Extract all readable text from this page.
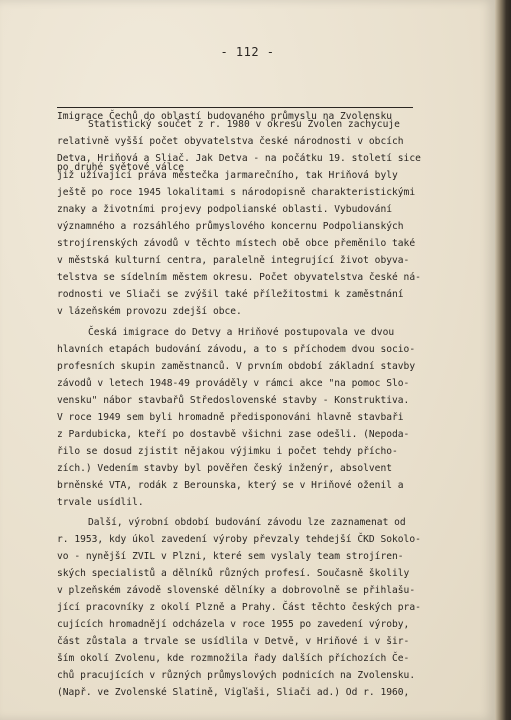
- 112 -

Imigrace Čechů do oblastí budovaného průmyslu na Zvolensku

po druhé světové válce

Statistický součet z r. 1980 v okresu Zvolen zachycuje
relativně vyšší počet obyvatelstva české národnosti v obcích
Detva, Hriňová a Sliač. Jak Detva - na počátku 19. století sice
již užívající práva městečka jarmarečního, tak Hriňová byly
ještě po roce 1945 lokalitami s národopisně charakteristickými
znaky a životními projevy podpolianské oblasti. Vybudování
významného a rozsáhlého průmyslového koncernu Podpolianských
strojírenských závodů v těchto místech obě obce přeměnilo také
v městská kulturní centra, paralelně integrující život obyva-
telstva se sídelním městem okresu. Počet obyvatelstva české ná-
rodnosti ve Sliači se zvýšil také příležitostmi k zaměstnání
v lázeňském provozu zdejší obce.
Česká imigrace do Detvy a Hriňové postupovala ve dvou
hlavních etapách budování závodu, a to s příchodem dvou socio-
profesních skupin zaměstnanců. V prvním období základní stavby
závodů v letech 1948-49 prováděly v rámci akce "na pomoc Slo-
vensku" nábor stavbařů Středoslovenské stavby - Konstruktiva.
V roce 1949 sem byli hromadně předisponováni hlavně stavbaři
z Pardubicka, kteří po dostavbě všichni zase odešli. (Nepoda-
řilo se dosud zjistit nějakou výjimku i počet tehdy přícho-
zích.) Vedením stavby byl pověřen český inženýr, absolvent
brněnské VTA, rodák z Berounska, který se v Hriňové oženil a
trvale usídlil.
Další, výrobní období budování závodu lze zaznamenat od
r. 1953, kdy úkol zavedení výroby převzaly tehdejší ČKD Sokolo-
vo - nynější ZVIL v Plzni, které sem vyslaly team strojíren-
ských specialistů a dělníků různých profesí. Současně školily
v plzeňském závodě slovenské dělníky a dobrovolně se přihlašu-
jící pracovníky z okolí Plzně a Prahy. Část těchto českých pra-
cujících hromadnějí odcházela v roce 1955 po zavedení výroby,
část zůstala a trvale se usídlila v Detvě, v Hriňové i v šir-
ším okolí Zvolenu, kde rozmnožila řady dalších příchozích Če-
chů pracujících v různých průmyslových podnicích na Zvolensku.
(Např. ve Zvolenské Slatině, Vigľaši, Sliači ad.) Od r. 1960,
